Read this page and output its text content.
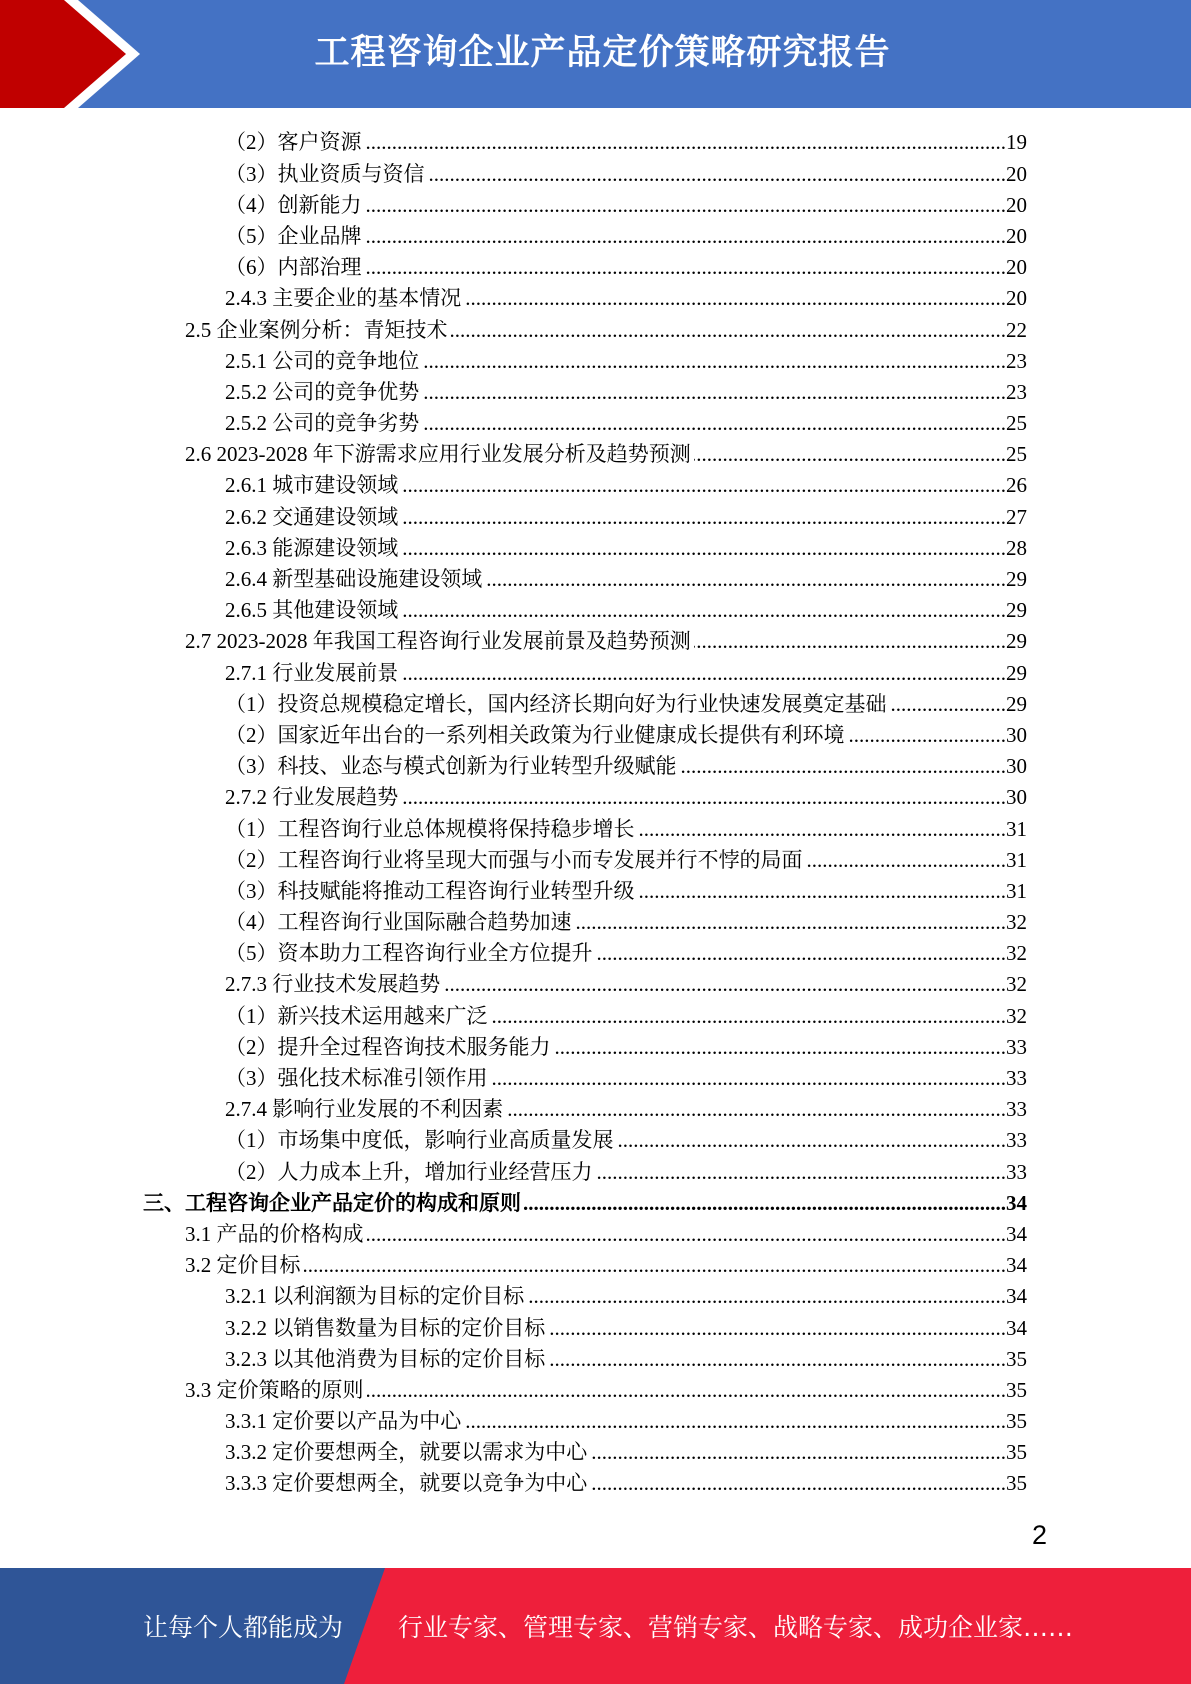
工程咨询企业产品定价策略研究报告
（2）客户资源 .....	19
（3）执业资质与资信 .....	20
（4）创新能力 .....	20
（5）企业品牌 .....	20
（6）内部治理 .....	20
2.4.3 主要企业的基本情况 .....	20
2.5 企业案例分析：青矩技术 .....	22
2.5.1 公司的竞争地位 .....	23
2.5.2 公司的竞争优势 .....	23
2.5.2 公司的竞争劣势 .....	25
2.6 2023-2028 年下游需求应用行业发展分析及趋势预测 .....	25
2.6.1 城市建设领域 .....	26
2.6.2 交通建设领域 .....	27
2.6.3 能源建设领域 .....	28
2.6.4 新型基础设施建设领域 .....	29
2.6.5 其他建设领域 .....	29
2.7 2023-2028 年我国工程咨询行业发展前景及趋势预测 .....	29
2.7.1 行业发展前景 .....	29
（1）投资总规模稳定增长，国内经济长期向好为行业快速发展奠定基础 .....	29
（2）国家近年出台的一系列相关政策为行业健康成长提供有利环境 .....	30
（3）科技、业态与模式创新为行业转型升级赋能 .....	30
2.7.2 行业发展趋势 .....	30
（1）工程咨询行业总体规模将保持稳步增长 .....	31
（2）工程咨询行业将呈现大而强与小而专发展并行不悖的局面 .....	31
（3）科技赋能将推动工程咨询行业转型升级 .....	31
（4）工程咨询行业国际融合趋势加速 .....	32
（5）资本助力工程咨询行业全方位提升 .....	32
2.7.3 行业技术发展趋势 .....	32
（1）新兴技术运用越来广泛 .....	32
（2）提升全过程咨询技术服务能力 .....	33
（3）强化技术标准引领作用 .....	33
2.7.4 影响行业发展的不利因素 .....	33
（1）市场集中度低，影响行业高质量发展 .....	33
（2）人力成本上升，增加行业经营压力 .....	33
三、工程咨询企业产品定价的构成和原则 .....	34
3.1 产品的价格构成 .....	34
3.2 定价目标 .....	34
3.2.1 以利润额为目标的定价目标 .....	34
3.2.2 以销售数量为目标的定价目标 .....	34
3.2.3 以其他消费为目标的定价目标 .....	35
3.3 定价策略的原则 .....	35
3.3.1 定价要以产品为中心 .....	35
3.3.2 定价要想两全，就要以需求为中心 .....	35
3.3.3 定价要想两全，就要以竞争为中心 .....	35
2
让每个人都能成为 行业专家、管理专家、营销专家、战略专家、成功企业家……
